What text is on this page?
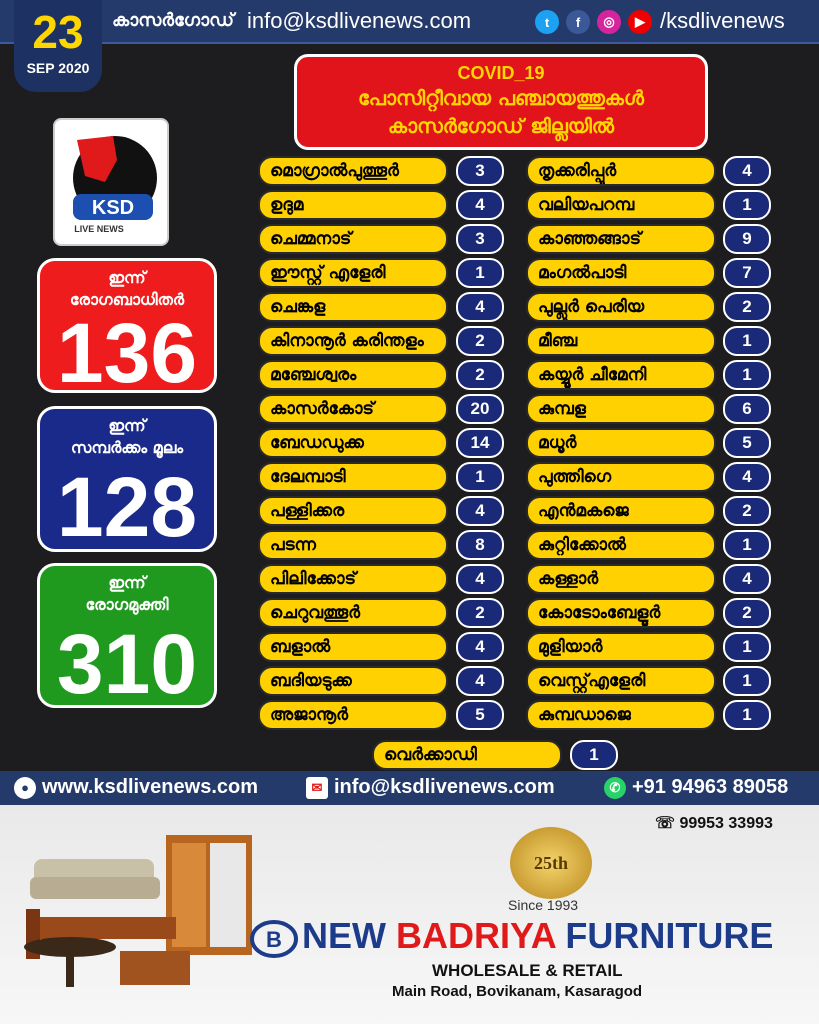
കാസർഗോഡ് info@ksdlivenews.com	t	f	◎	▶ /ksdlivenews
23
SEP 2020	COVID_19
പോസിറ്റീവായ പഞ്ചായത്തുകൾ
കാസർഗോഡ് ജില്ലയിൽ
KSD
LIVE NEWS
ഇന്ന്
രോഗബാധിതർ
136
ഇന്ന്
സമ്പർക്കം മൂലം
128
ഇന്ന്
രോഗമുക്തി
310
മൊഗ്രാൽപുത്തൂർ	3
ഉദുമ	4
ചെമ്മനാട്	3
ഈസ്റ്റ് എളേരി	1
ചെങ്കള	4
കിനാനൂർ കരിന്തളം	2
മഞ്ചേശ്വരം	2
കാസർകോട്	20
ബേഡഡുക്ക	14
ദേലമ്പാടി	1
പള്ളിക്കര	4
പടന്ന	8
പിലിക്കോട്	4
ചെറുവത്തൂർ	2
ബളാൽ	4
ബദിയടുക്ക	4
അജാനൂർ	5
തൃക്കരിപ്പൂർ	4
വലിയപറമ്പ	1
കാഞ്ഞങ്ങാട്	9
മംഗൽപാടി	7
പുല്ലൂർ പെരിയ	2
മീഞ്ച	1
കയ്യൂർ ചീമേനി	1
കുമ്പള	6
മധൂർ	5
പുത്തിഗെ	4
എൻമകജെ	2
കുറ്റിക്കോൽ	1
കള്ളാർ	4
കോടോംബേളൂർ	2
മുളിയാർ	1
വെസ്റ്റ്എളേരി	1
കുമ്പഡാജെ	1
വെർക്കാഡി	1
● www.ksdlivenews.com	✉ info@ksdlivenews.com	✆ +91 94963 89058
☏ 99953 33993
25th
Since 1993
NEW BADRIYA FURNITURE
B
WHOLESALE & RETAIL
Main Road, Bovikanam, Kasaragod
